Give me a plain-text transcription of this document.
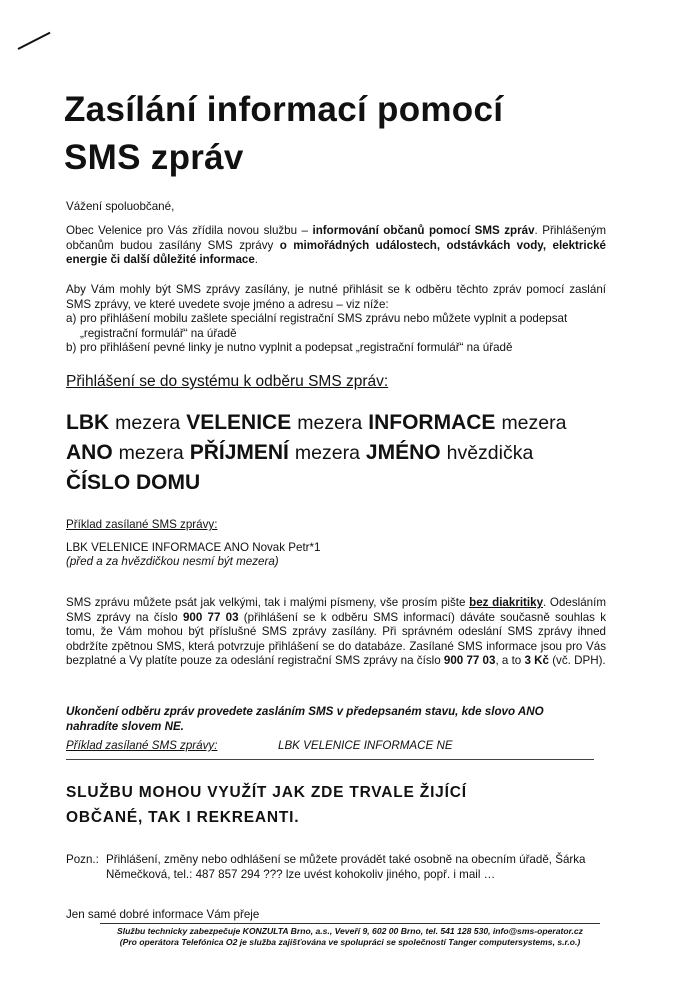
Zasílání informací pomocí
SMS zpráv
Vážení spoluobčané,
Obec Velenice pro Vás zřídila novou službu – informování občanů pomocí SMS zpráv. Přihlášeným občanům budou zasílány SMS zprávy o mimořádných událostech, odstávkách vody, elektrické energie či další důležité informace.
Aby Vám mohly být SMS zprávy zasílány, je nutné přihlásit se k odběru těchto zpráv pomocí zaslání SMS zprávy, ve které uvedete svoje jméno a adresu – viz níže:
a) pro přihlášení mobilu zašlete speciální registrační SMS zprávu nebo můžete vyplnit a podepsat „registrační formulář“ na úřadě
b) pro přihlášení pevné linky je nutno vyplnit a podepsat „registrační formulář“ na úřadě
Přihlášení se do systému k odběru SMS zpráv:
LBK mezera VELENICE mezera INFORMACE mezera
ANO mezera PŘÍJMENÍ mezera JMÉNO hvězdička
ČÍSLO DOMU
Příklad zasílané SMS zprávy:
LBK VELENICE INFORMACE ANO Novak Petr*1
(před a za hvězdičkou nesmí být mezera)
SMS zprávu můžete psát jak velkými, tak i malými písmeny, vše prosím pište bez diakritiky. Odesláním SMS zprávy na číslo 900 77 03 (přihlášení se k odběru SMS informací) dáváte současně souhlas k tomu, že Vám mohou být příslušné SMS zprávy zasílány. Při správném odeslání SMS zprávy ihned obdržíte zpětnou SMS, která potvrzuje přihlášení se do databáze. Zasílané SMS informace jsou pro Vás bezplatné a Vy platíte pouze za odeslání registrační SMS zprávy na číslo 900 77 03, a to 3 Kč (vč. DPH).
Ukončení odběru zpráv provedete zasláním SMS v předepsaném stavu, kde slovo ANO nahradíte slovem NE.
Příklad zasílané SMS zprávy:	LBK VELENICE INFORMACE NE
SLUŽBU MOHOU VYUŽÍT JAK ZDE TRVALE ŽIJÍCÍ
OBČANÉ, TAK I REKREANTI.
Pozn.: Přihlášení, změny nebo odhlášení se můžete provádět také osobně na obecním úřadě, Šárka Němečková, tel.: 487 857 294 ??? lze uvést kohokoliv jiného, popř. i mail …
Jen samé dobré informace Vám přeje
Službu technicky zabezpečuje KONZULTA Brno, a.s., Veveří 9, 602 00 Brno, tel. 541 128 530, info@sms-operator.cz
(Pro operátora Telefónica O2 je služba zajišťována ve spolupráci se společností Tanger computersystems, s.r.o.)
